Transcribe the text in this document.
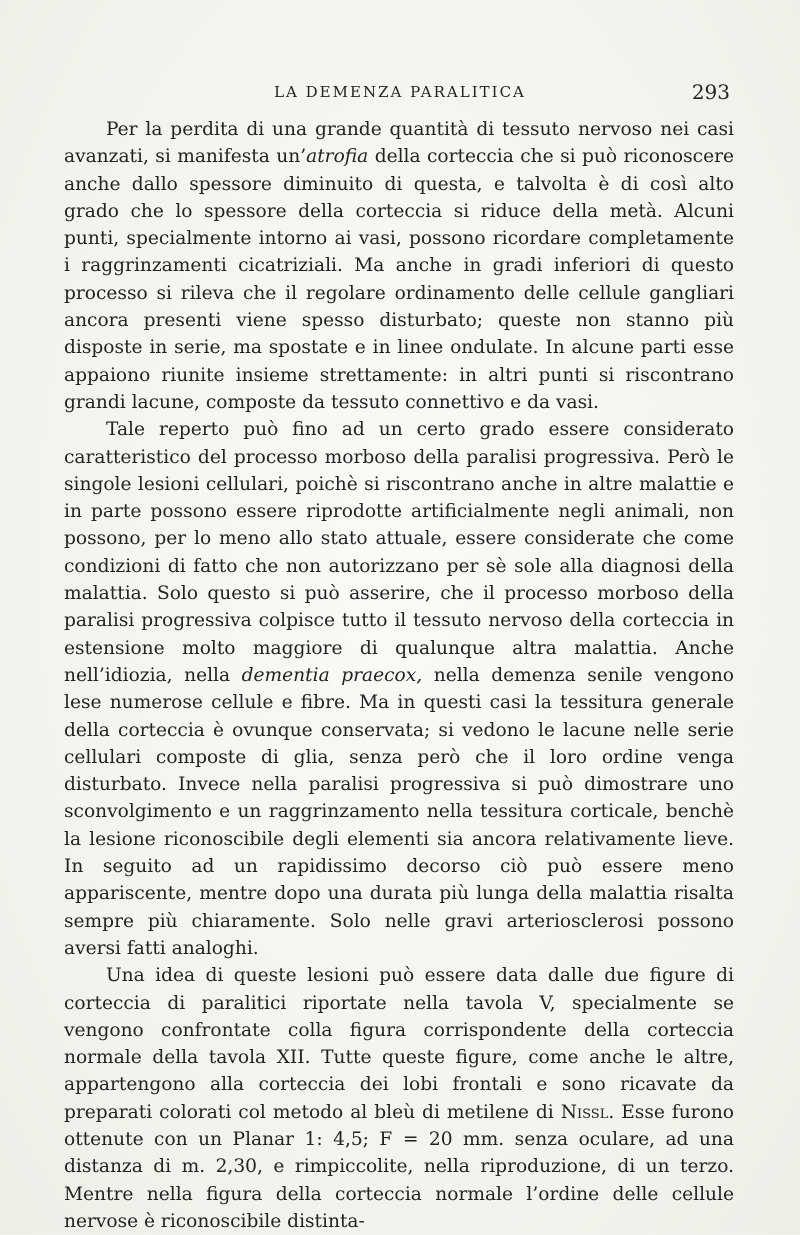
LA DEMENZA PARALITICA	293

Per la perdita di una grande quantità di tessuto nervoso nei casi avanzati, si manifesta un’atrofia della corteccia che si può riconoscere anche dallo spessore diminuito di questa, e talvolta è di così alto grado che lo spessore della corteccia si riduce della metà. Alcuni punti, specialmente intorno ai vasi, possono ricordare completamente i raggrinzamenti cicatriziali. Ma anche in gradi inferiori di questo processo si rileva che il regolare ordinamento delle cellule gangliari ancora presenti viene spesso disturbato; queste non stanno più disposte in serie, ma spostate e in linee ondulate. In alcune parti esse appaiono riunite insieme strettamente: in altri punti si riscontrano grandi lacune, composte da tessuto connettivo e da vasi.

Tale reperto può fino ad un certo grado essere considerato caratteristico del processo morboso della paralisi progressiva. Però le singole lesioni cellulari, poichè si riscontrano anche in altre malattie e in parte possono essere riprodotte artificialmente negli animali, non possono, per lo meno allo stato attuale, essere considerate che come condizioni di fatto che non autorizzano per sè sole alla diagnosi della malattia. Solo questo si può asserire, che il processo morboso della paralisi progressiva colpisce tutto il tessuto nervoso della corteccia in estensione molto maggiore di qualunque altra malattia. Anche nell’idiozia, nella dementia praecox, nella demenza senile vengono lese numerose cellule e fibre. Ma in questi casi la tessitura generale della corteccia è ovunque conservata; si vedono le lacune nelle serie cellulari composte di glia, senza però che il loro ordine venga disturbato. Invece nella paralisi progressiva si può dimostrare uno sconvolgimento e un raggrinzamento nella tessitura corticale, benchè la lesione riconoscibile degli elementi sia ancora relativamente lieve. In seguito ad un rapidissimo decorso ciò può essere meno appariscente, mentre dopo una durata più lunga della malattia risalta sempre più chiaramente. Solo nelle gravi arteriosclerosi possono aversi fatti analoghi.

Una idea di queste lesioni può essere data dalle due figure di corteccia di paralitici riportate nella tavola V, specialmente se vengono confrontate colla figura corrispondente della corteccia normale della tavola XII. Tutte queste figure, come anche le altre, appartengono alla corteccia dei lobi frontali e sono ricavate da preparati colorati col metodo al bleù di metilene di Nissl. Esse furono ottenute con un Planar 1: 4,5; F = 20 mm. senza oculare, ad una distanza di m. 2,30, e rimpiccolite, nella riproduzione, di un terzo. Mentre nella figura della corteccia normale l’ordine delle cellule nervose è riconoscibile distinta-
